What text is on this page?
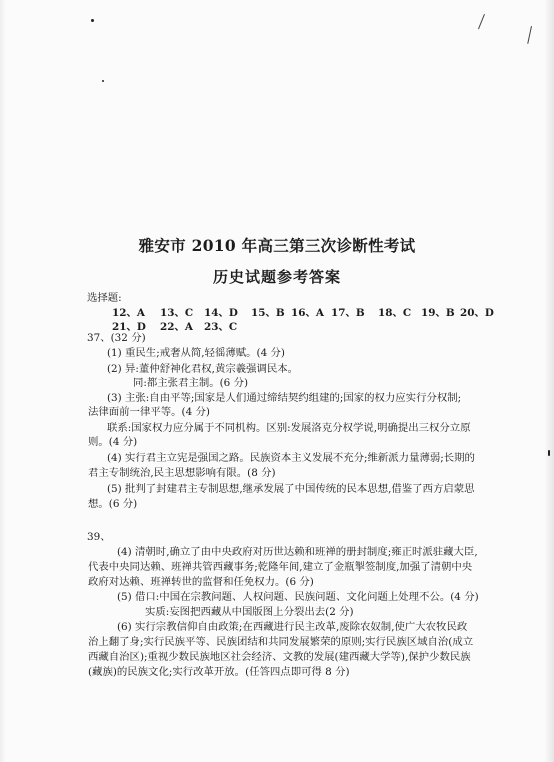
雅安市 2010 年高三第三次诊断性考试
历史试题参考答案
选择题:
12、A 13、C 14、D 15、B 16、A 17、B 18、C 19、B 20、D
21、D 22、A 23、C
37、(32 分)
(1) 重民生;戒奢从简,轻徭薄赋。(4 分)
(2) 异:董仲舒神化君权,黄宗羲强调民本。
同:都主张君主制。(6 分)
(3) 主张:自由平等;国家是人们通过缔结契约组建的;国家的权力应实行分权制;
法律面前一律平等。(4 分)
联系:国家权力应分属于不同机构。区别:发展洛克分权学说,明确提出三权分立原
则。(4 分)
(4) 实行君主立宪是强国之路。民族资本主义发展不充分;维新派力量薄弱;长期的
君主专制统治,民主思想影响有限。(8 分)
(5) 批判了封建君主专制思想,继承发展了中国传统的民本思想,借鉴了西方启蒙思
想。(6 分)
39、
(4) 清朝时,确立了由中央政府对历世达赖和班禅的册封制度;雍正时派驻藏大臣,
代表中央同达赖、班禅共管西藏事务;乾隆年间,建立了金瓶掣签制度,加强了清朝中央
政府对达赖、班禅转世的监督和任免权力。(6 分)
(5) 借口:中国在宗教问题、人权问题、民族问题、文化问题上处理不公。(4 分)
实质:妄图把西藏从中国版图上分裂出去(2 分)
(6) 实行宗教信仰自由政策;在西藏进行民主改革,废除农奴制,使广大农牧民政
治上翻了身;实行民族平等、民族团结和共同发展繁荣的原则;实行民族区域自治(成立
西藏自治区);重视少数民族地区社会经济、文教的发展(建西藏大学等),保护少数民族
(藏族)的民族文化;实行改革开放。(任答四点即可得 8 分)
